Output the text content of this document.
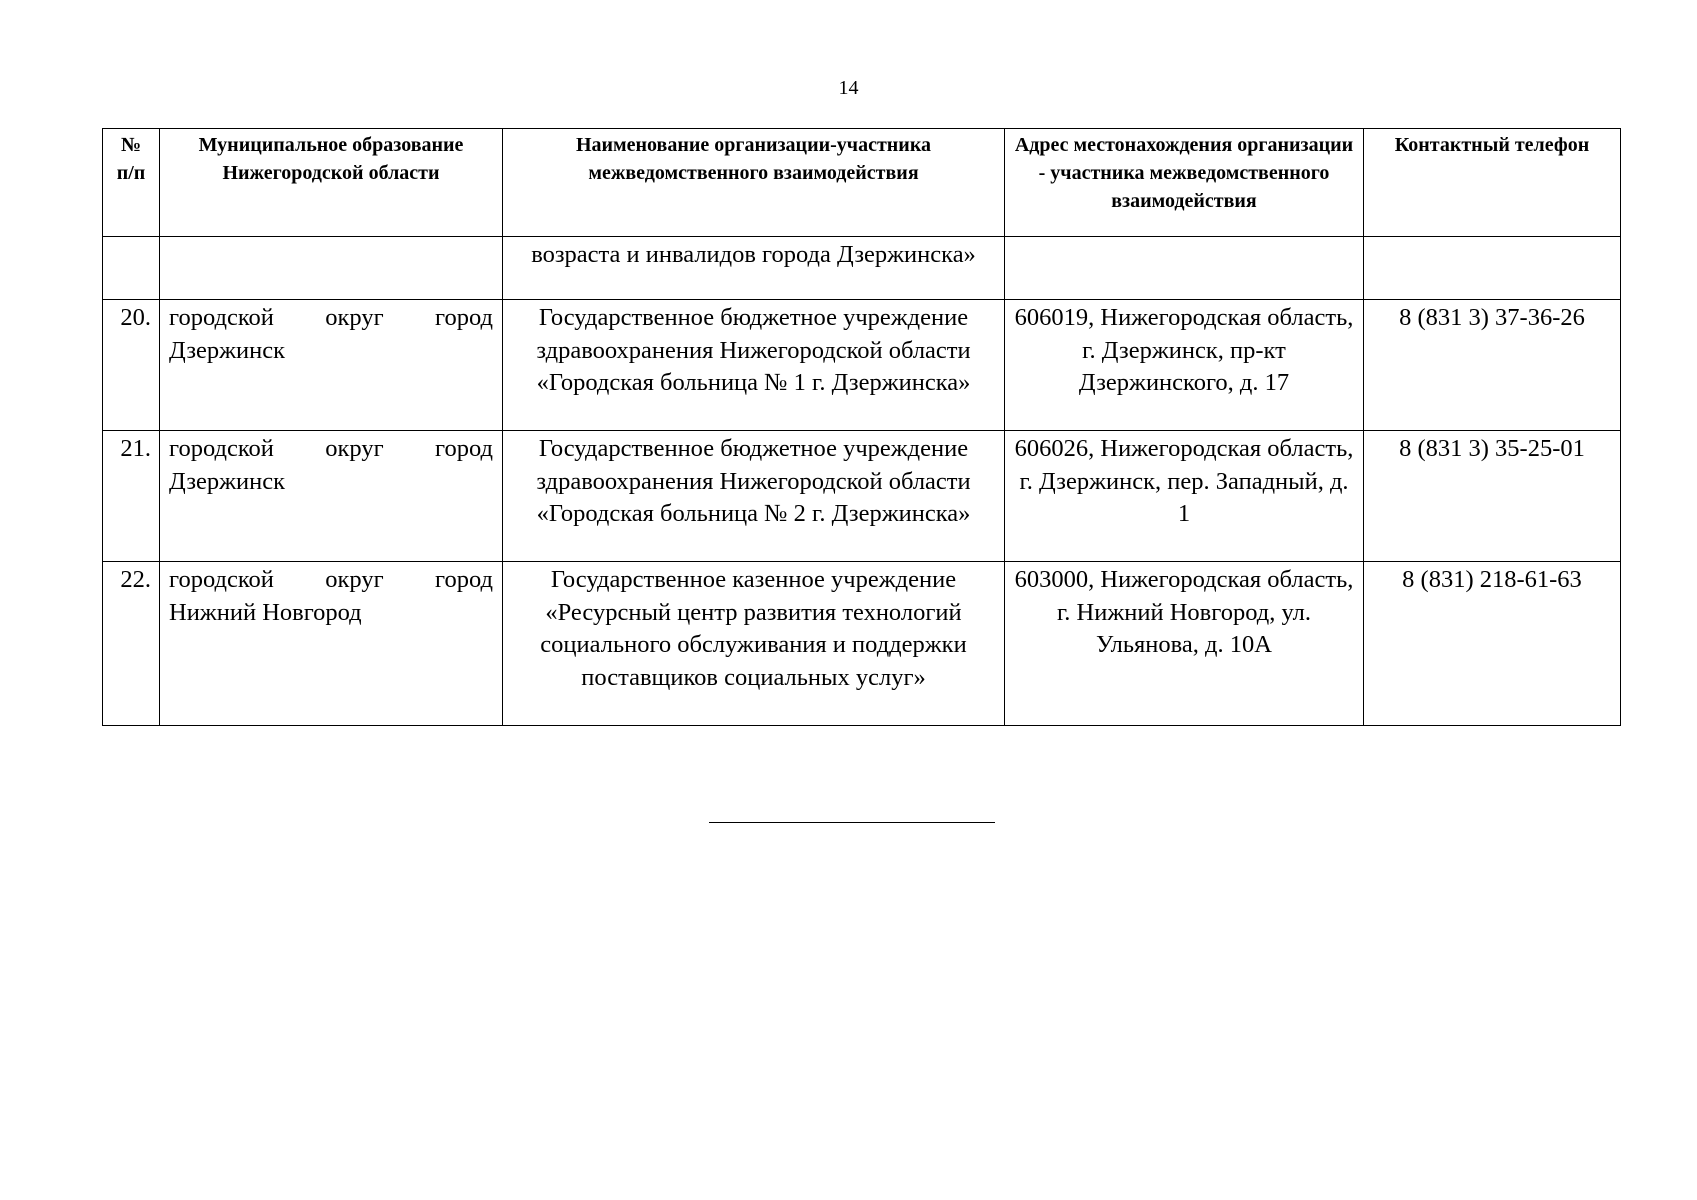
14
№ п/п	Муниципальное образование Нижегородской области	Наименование организации-участника межведомственного взаимодействия	Адрес местонахождения организации - участника межведомственного взаимодействия	Контактный телефон
		возраста и инвалидов города Дзержинска»		
20.	городской округ город Дзержинск	Государственное бюджетное учреждение здравоохранения Нижегородской области «Городская больница № 1 г. Дзержинска»	606019, Нижегородская область, г. Дзержинск, пр-кт Дзержинского, д. 17	8 (831 3) 37-36-26
21.	городской округ город Дзержинск	Государственное бюджетное учреждение здравоохранения Нижегородской области «Городская больница № 2 г. Дзержинска»	606026, Нижегородская область, г. Дзержинск, пер. Западный, д. 1	8 (831 3) 35-25-01
22.	городской округ город Нижний Новгород	Государственное казенное учреждение «Ресурсный центр развития технологий социального обслуживания и поддержки поставщиков социальных услуг»	603000, Нижегородская область, г. Нижний Новгород, ул. Ульянова, д. 10А	8 (831) 218-61-63
